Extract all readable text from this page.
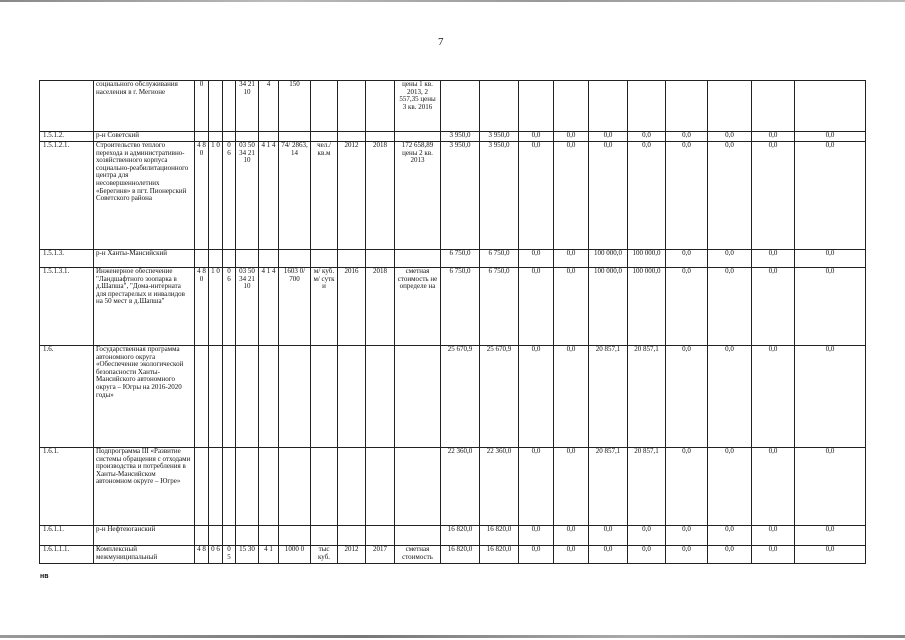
7
	социального обслуживания населения в г. Мегионе	0			34 21 10	4	150				цены 1 кв. 2013, 2 557,35 цены 3 кв. 2016										
1.5.1.2.	р-н Советский											3 950,0	3 950,0	0,0	0,0	0,0	0,0	0,0	0,0	0,0	0,0
1.5.1.2.1.	Строительство теплого перехода и административно-хозяйственного корпуса социально-реабилитационного центра для несовершеннолетних «Берегиня» в пгт. Пионерский Советского района	4 8 0	1 0	0 6	03 50 34 21 10	4 1 4	74/ 2863, 14	чел./ кв.м	2012	2018	172 658,89 цены 2 кв. 2013	3 950,0	3 950,0	0,0	0,0	0,0	0,0	0,0	0,0	0,0	0,0
1.5.1.3.	р-н Ханты-Мансийский											6 750,0	6 750,0	0,0	0,0	100 000,0	100 000,0	0,0	0,0	0,0	0,0
1.5.1.3.1.	Инженерное обеспечение "Ландшафтного зоопарка в д.Шапша", "Дома-интерната для престарелых и инвалидов на 50 мест в д.Шапша"	4 8 0	1 0	0 6	03 50 34 21 10	4 1 4	1603 0/ 700	м/ куб. м/ сутк и	2016	2018	сметная стоимость не определе на	6 750,0	6 750,0	0,0	0,0	100 000,0	100 000,0	0,0	0,0	0,0	0,0
1.6.	Государственная программа автономного округа «Обеспечение экологической безопасности Ханты-Мансийского автономного округа – Югры на 2016-2020 годы»											25 670,9	25 670,9	0,0	0,0	20 857,1	20 857,1	0,0	0,0	0,0	0,0
1.6.1.	Подпрограмма III «Развитие системы обращения с отходами производства и потребления в Ханты-Мансийском автономном округе – Югре»											22 360,0	22 360,0	0,0	0,0	20 857,1	20 857,1	0,0	0,0	0,0	0,0
1.6.1.1.	р-н Нефтеюганский											16 820,0	16 820,0	0,0	0,0	0,0	0,0	0,0	0,0	0,0	0,0
1.6.1.1.1.	Комплексный межмуниципальный	4 8	0 6	0 5	15 30	4 1	1000 0	тыс куб.	2012	2017	сметная стоимость	16 820,0	16 820,0	0,0	0,0	0,0	0,0	0,0	0,0	0,0	0,0
нв
